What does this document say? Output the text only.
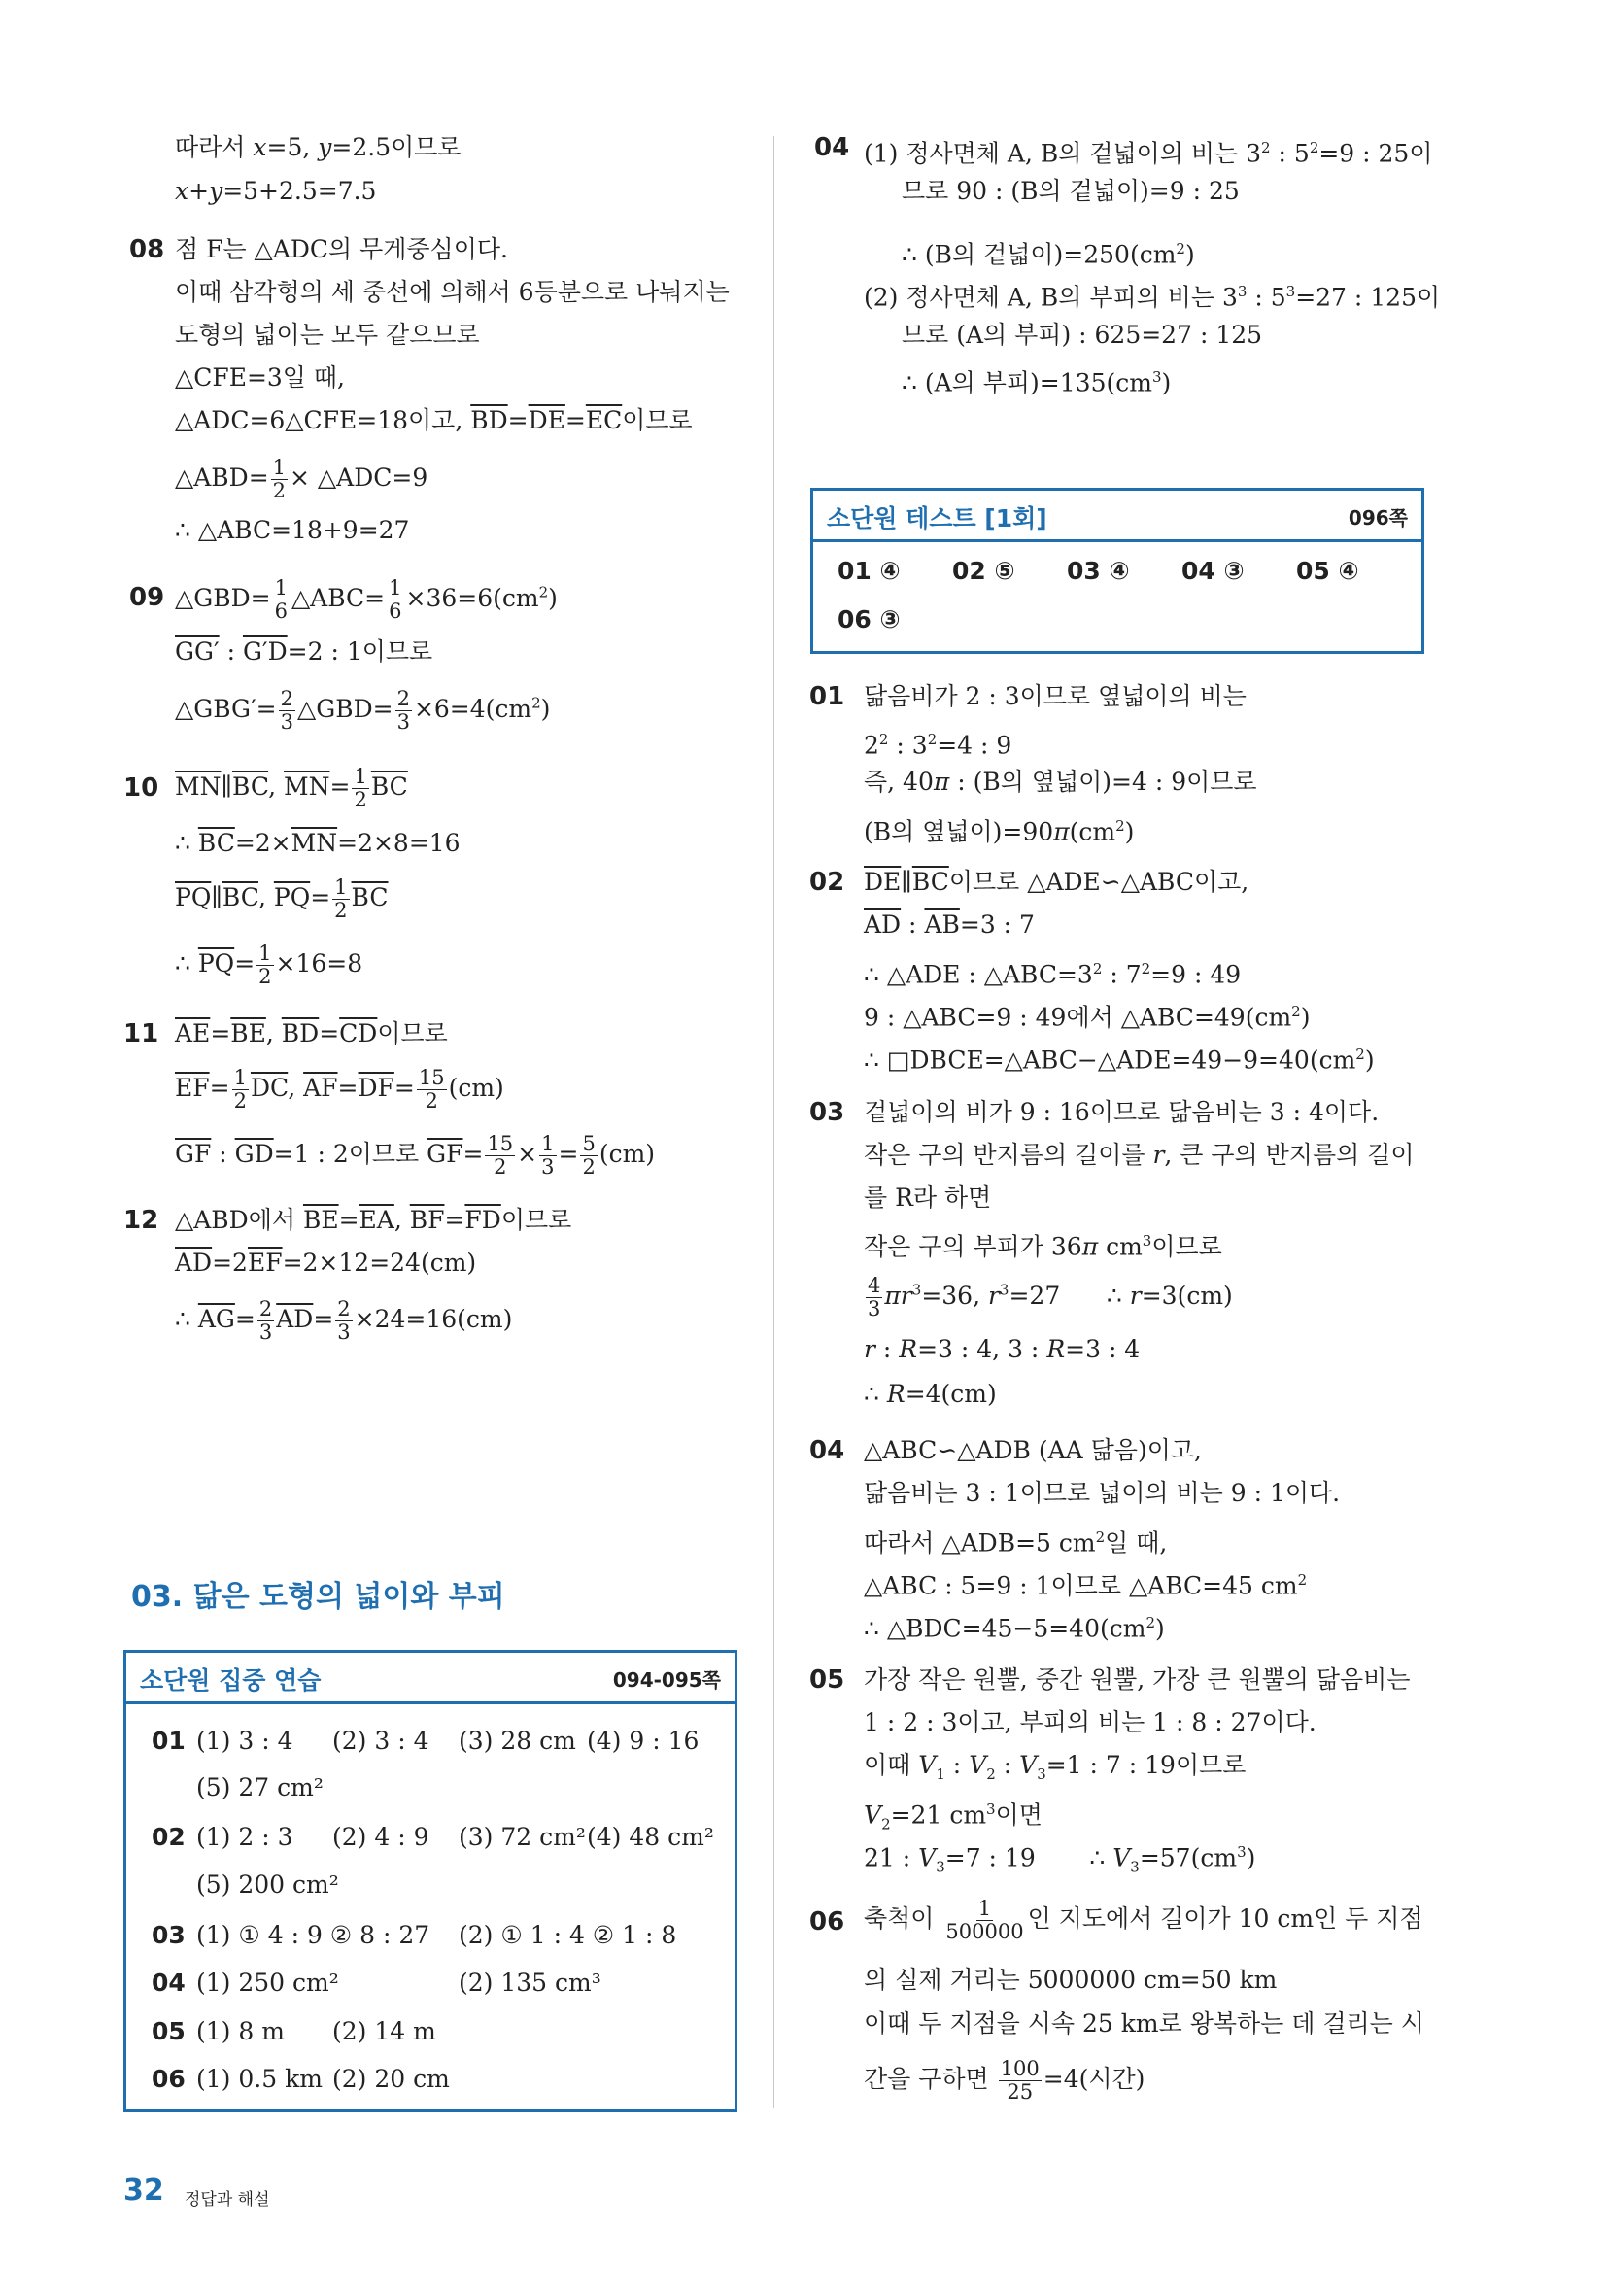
따라서 x=5, y=2.5이므로
x+y=5+2.5=7.5
08 점 F는 △ADC의 무게중심이다.
이때 삼각형의 세 중선에 의해서 6등분으로 나눠지는
도형의 넓이는 모두 같으므로
△CFE=3일 때,
△ADC=6△CFE=18이고, $\overline{BD}=\overline{DE}=\overline{EC}$이므로
△ABD= $\frac{1}{2}$ × △ADC=9
∴ △ABC=18+9=27
09 △GBD= $\frac{1}{6}$ △ABC= $\frac{1}{6} \times 36=6(cm^2)$
GG′ : G′D=2 : 1이므로
△GBG′= $\frac{2}{3}$ △GBD= $\frac{2}{3} \times 6=4(cm^2)$
10 $\overline{MN}\parallel\overline{BC}$, $\overline{MN}= \frac{1}{2} \overline{BC}$
∴ $\overline{BC}=2\times\overline{MN}=2\times 8=16$
$\overline{PQ}\parallel\overline{BC}$, $\overline{PQ}= \frac{1}{2} \overline{BC}$
∴ $\overline{PQ}= \frac{1}{2} \times 16=8$
11 $\overline{AE}=\overline{BE}$, $\overline{BD}=\overline{CD}$이므로
$\overline{EF}= \frac{1}{2} \overline{DC}$, $\overline{AF}=\overline{DF}= \frac{15}{2} (cm)$
$\overline{GF}$ : $\overline{GD}=1$ : 2이므로 $\overline{GF}= \frac{15}{2} \times \frac{1}{3} = \frac{5}{2} (cm)$
12 △ABD에서 $\overline{BE}=\overline{EA}$, $\overline{BF}=\overline{FD}$이므로
$\overline{AD}=2\overline{EF}=2\times 12=24(cm)$
∴ $\overline{AG}= \frac{2}{3} \overline{AD}= \frac{2}{3} \times 24=16(cm)$
03. 닮은 도형의 넓이와 부피
소단원 집중 연습	094-095쪽
01 (1) 3 : 4 (2) 3 : 4 (3) 28 cm (4) 9 : 16
(5) 27 cm²
02 (1) 2 : 3 (2) 4 : 9 (3) 72 cm² (4) 48 cm²
(5) 200 cm²
03 (1) ① 4 : 9 ② 8 : 27 (2) ① 1 : 4 ② 1 : 8
04 (1) 250 cm²	(2) 135 cm³
05 (1) 8 m (2) 14 m
06 (1) 0.5 km (2) 20 cm
04 (1) 정사면체 A, B의 겉넓이의 비는 $3^2$ : $5^2=9$ : 25이
므로 90 : (B의 겉넓이)=9 : 25
∴ (B의 겉넓이)$=250(cm^2)$
(2) 정사면체 A, B의 부피의 비는 $3^3$ : $5^3=27$ : 125이
므로 (A의 부피) : 625=27 : 125
∴ (A의 부피)$=135(cm^3)$
소단원 테스트 [1회]	096쪽
01 ④ 02 ⑤ 03 ④ 04 ③ 05 ④
06 ③
01 닮음비가 2 : 3이므로 옆넓이의 비는
$2^2$ : $3^2=4$ : 9
즉, 40π : (B의 옆넓이)=4 : 9이므로
(B의 옆넓이)$=90\pi(cm^2)$
02 $\overline{DE}\parallel\overline{BC}$이므로 △ADE∽△ABC이고,
$\overline{AD}$ : $\overline{AB}=3$ : 7
∴ △ADE : $\triangle ABC=3^2$ : $7^2=9$ : 49
9 : △ABC=9 : 49에서 $\triangle ABC=49(cm^2)$
∴ $□DBCE=\triangle ABC-\triangle ADE=49-9=40(cm^2)$
03 겉넓이의 비가 9 : 16이므로 닮음비는 3 : 4이다.
작은 구의 반지름의 길이를 r, 큰 구의 반지름의 길이
를 R라 하면
작은 구의 부피가 36π $cm^3$이므로
$\frac{4}{3} \pi r^3=36$, $r^3=27$      ∴ r=3(cm)
r : R=3 : 4, 3 : R=3 : 4
∴ R=4(cm)
04 △ABC∽△ADB (AA 닮음)이고,
닮음비는 3 : 1이므로 넓이의 비는 9 : 1이다.
따라서 △ADB=5 $cm^2$일 때,
△ABC : 5=9 : 1이므로 △ABC=45 $cm^2$
∴ $\triangle BDC=45-5=40(cm^2)$
05 가장 작은 원뿔, 중간 원뿔, 가장 큰 원뿔의 닮음비는
1 : 2 : 3이고, 부피의 비는 1 : 8 : 27이다.
이때 $V_1$ : $V_2$ : $V_3=1$ : 7 : 19이므로
$V_2=21$ $cm^3$이면
21 : $V_3=7$ : 19       ∴ $V_3=57(cm^3)$
06 축척이 $\frac{1}{500000}$ 인 지도에서 길이가 10 cm인 두 지점
의 실제 거리는 5000000 cm=50 km
이때 두 지점을 시속 25 km로 왕복하는 데 걸리는 시
간을 구하면 $\frac{100}{25} =4$(시간)
32 정답과 해설
